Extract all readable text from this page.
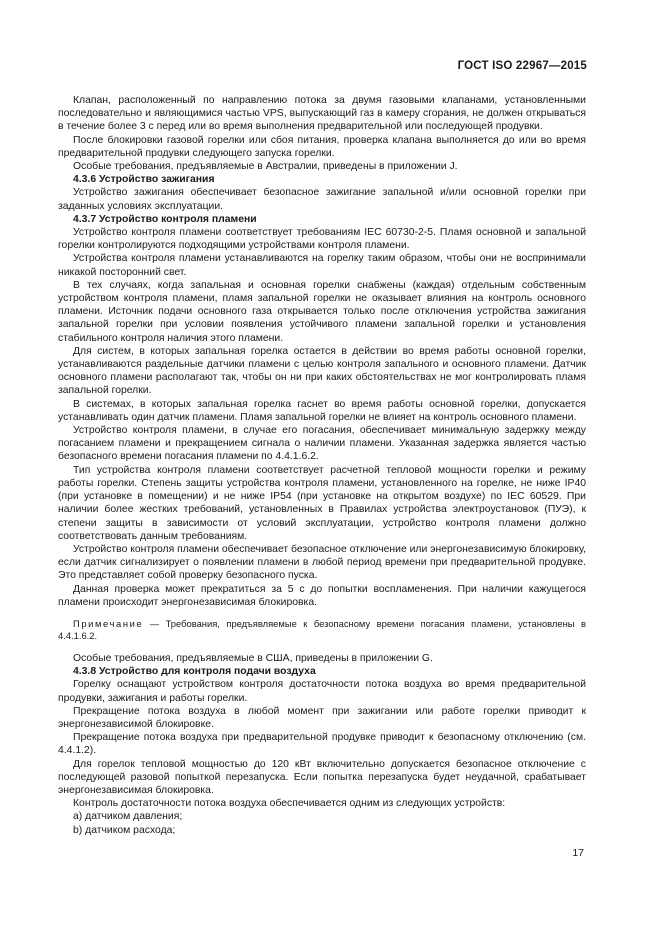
ГОСТ ISO 22967—2015

Клапан, расположенный по направлению потока за двумя газовыми клапанами, установленными последовательно и являющимися частью VPS, выпускающий газ в камеру сгорания, не должен открываться в течение более 3 с перед или во время выполнения предварительной или последующей продувки.

После блокировки газовой горелки или сбоя питания, проверка клапана выполняется до или во время предварительной продувки следующего запуска горелки.

Особые требования, предъявляемые в Австралии, приведены в приложении J.

4.3.6 Устройство зажигания

Устройство зажигания обеспечивает безопасное зажигание запальной и/или основной горелки при заданных условиях эксплуатации.

4.3.7 Устройство контроля пламени

Устройство контроля пламени соответствует требованиям IEC 60730-2-5. Пламя основной и запальной горелки контролируются подходящими устройствами контроля пламени.

Устройства контроля пламени устанавливаются на горелку таким образом, чтобы они не воспринимали никакой посторонний свет.

В тех случаях, когда запальная и основная горелки снабжены (каждая) отдельным собственным устройством контроля пламени, пламя запальной горелки не оказывает влияния на контроль основного пламени. Источник подачи основного газа открывается только после отключения устройства зажигания запальной горелки при условии появления устойчивого пламени запальной горелки и установления стабильного контроля наличия этого пламени.

Для систем, в которых запальная горелка остается в действии во время работы основной горелки, устанавливаются раздельные датчики пламени с целью контроля запального и основного пламени. Датчик основного пламени располагают так, чтобы он ни при каких обстоятельствах не мог контролировать пламя запальной горелки.

В системах, в которых запальная горелка гаснет во время работы основной горелки, допускается устанавливать один датчик пламени. Пламя запальной горелки не влияет на контроль основного пламени.

Устройство контроля пламени, в случае его погасания, обеспечивает минимальную задержку между погасанием пламени и прекращением сигнала о наличии пламени. Указанная задержка является частью безопасного времени погасания пламени по 4.4.1.6.2.

Тип устройства контроля пламени соответствует расчетной тепловой мощности горелки и режиму работы горелки. Степень защиты устройства контроля пламени, установленного на горелке, не ниже IP40 (при установке в помещении) и не ниже IP54 (при установке на открытом воздухе) по IEC 60529. При наличии более жестких требований, установленных в Правилах устройства электроустановок (ПУЭ), к степени защиты в зависимости от условий эксплуатации, устройство контроля пламени должно соответствовать данным требованиям.

Устройство контроля пламени обеспечивает безопасное отключение или энергонезависимую блокировку, если датчик сигнализирует о появлении пламени в любой период времени при предварительной продувке. Это представляет собой проверку безопасного пуска.

Данная проверка может прекратиться за 5 с до попытки воспламенения. При наличии кажущегося пламени происходит энергонезависимая блокировка.

Примечание — Требования, предъявляемые к безопасному времени погасания пламени, установлены в 4.4.1.6.2.

Особые требования, предъявляемые в США, приведены в приложении G.

4.3.8 Устройство для контроля подачи воздуха

Горелку оснащают устройством контроля достаточности потока воздуха во время предварительной продувки, зажигания и работы горелки.

Прекращение потока воздуха в любой момент при зажигании или работе горелки приводит к энергонезависимой блокировке.

Прекращение потока воздуха при предварительной продувке приводит к безопасному отключению (см. 4.4.1.2).

Для горелок тепловой мощностью до 120 кВт включительно допускается безопасное отключение с последующей разовой попыткой перезапуска. Если попытка перезапуска будет неудачной, срабатывает энергонезависимая блокировка.

Контроль достаточности потока воздуха обеспечивается одним из следующих устройств:

a) датчиком давления;

b) датчиком расхода;

17
